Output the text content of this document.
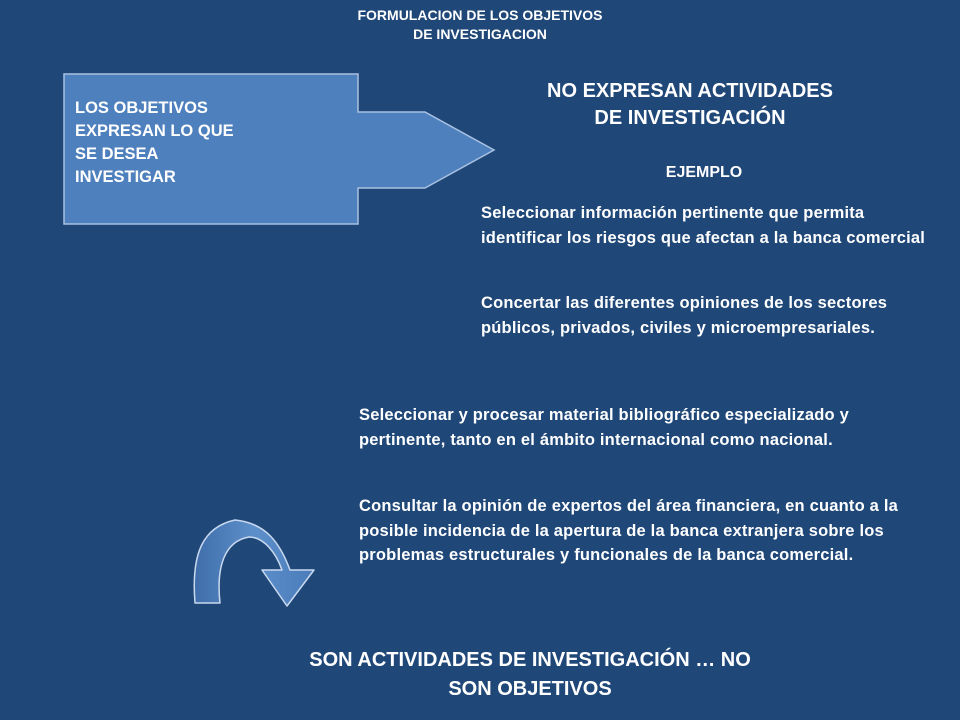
FORMULACION DE LOS OBJETIVOS
DE INVESTIGACION
LOS OBJETIVOS
EXPRESAN LO QUE
SE DESEA
INVESTIGAR
NO EXPRESAN ACTIVIDADES
DE INVESTIGACIÓN
EJEMPLO
Seleccionar información pertinente que permita identificar los riesgos que afectan a la banca comercial
Concertar las diferentes opiniones de los sectores públicos, privados, civiles y microempresariales.
Seleccionar y procesar material bibliográfico especializado y pertinente, tanto en el ámbito internacional como nacional.
Consultar la opinión de expertos del área financiera, en cuanto a la posible incidencia de la apertura de la banca extranjera sobre los problemas estructurales y funcionales de la banca comercial.
SON ACTIVIDADES DE INVESTIGACIÓN … NO
SON OBJETIVOS
